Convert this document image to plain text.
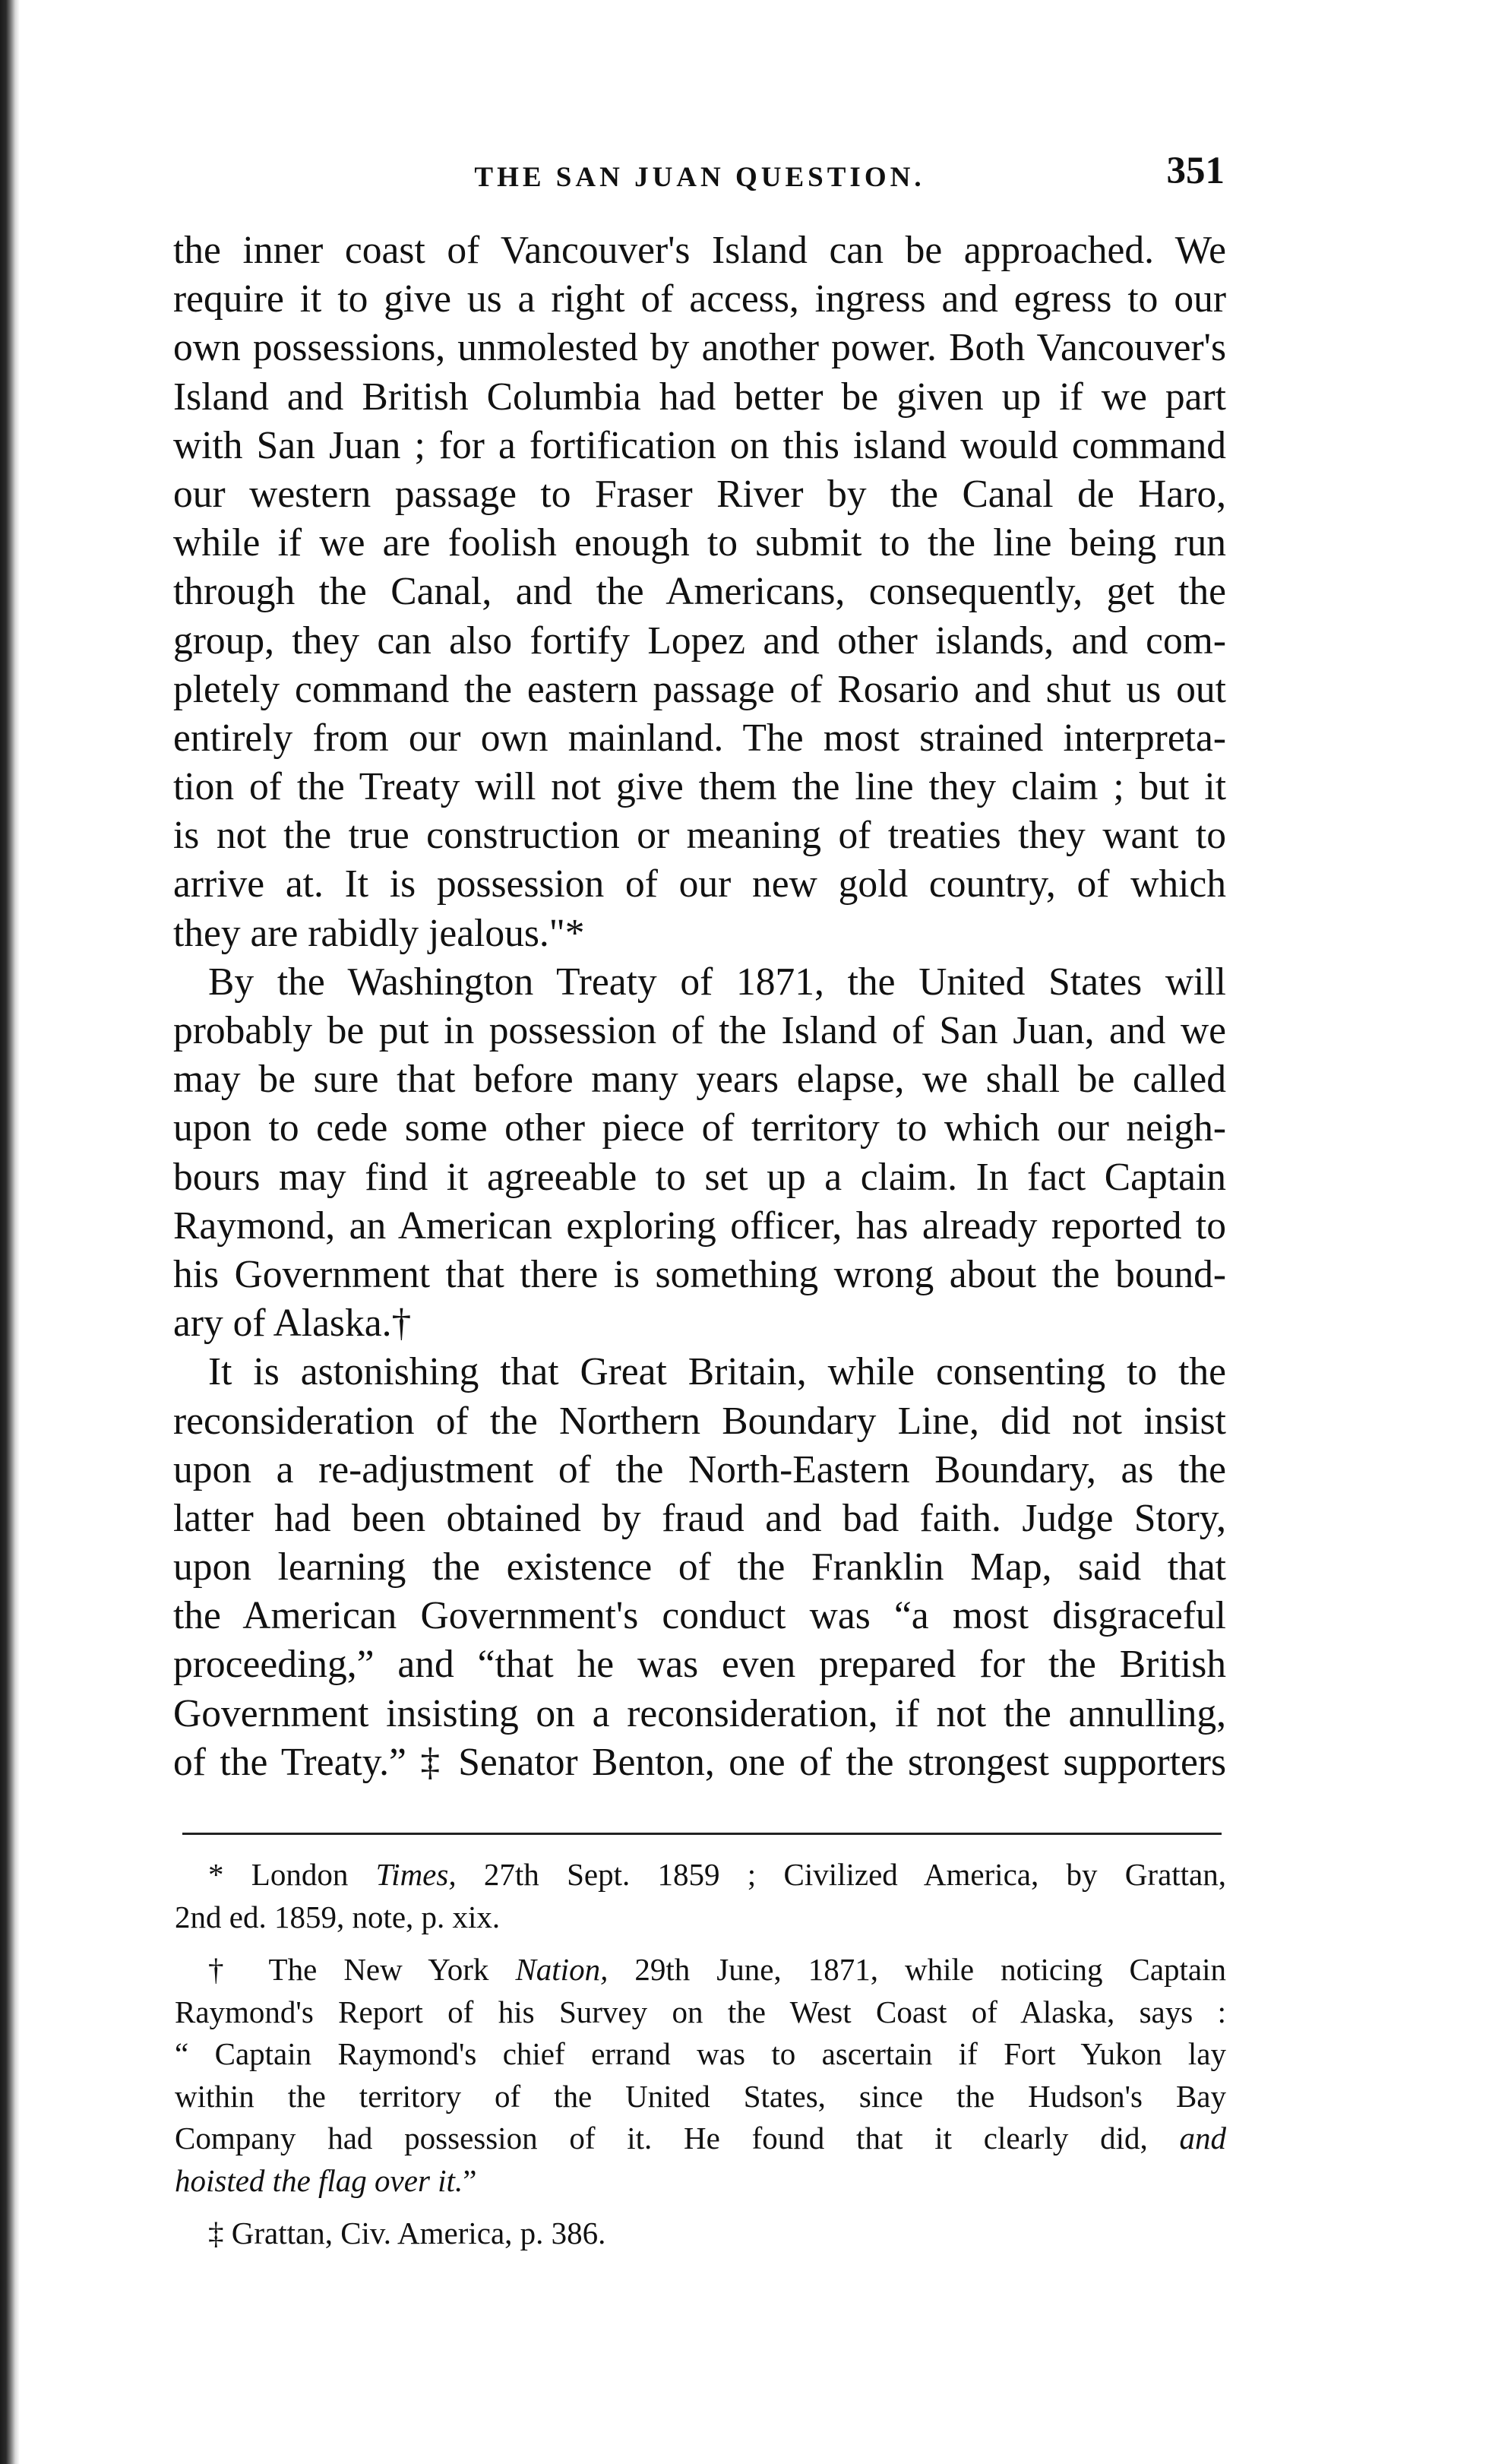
THE SAN JUAN QUESTION.	351
the inner coast of Vancouver's Island can be approached. We
require it to give us a right of access, ingress and egress to our
own possessions, unmolested by another power. Both Vancouver's
Island and British Columbia had better be given up if we part
with San Juan ; for a fortification on this island would command
our western passage to Fraser River by the Canal de Haro,
while if we are foolish enough to submit to the line being run
through the Canal, and the Americans, consequently, get the
group, they can also fortify Lopez and other islands, and com-
pletely command the eastern passage of Rosario and shut us out
entirely from our own mainland. The most strained interpreta-
tion of the Treaty will not give them the line they claim ; but it
is not the true construction or meaning of treaties they want to
arrive at. It is possession of our new gold country, of which
they are rabidly jealous."*
By the Washington Treaty of 1871, the United States will
probably be put in possession of the Island of San Juan, and we
may be sure that before many years elapse, we shall be called
upon to cede some other piece of territory to which our neigh-
bours may find it agreeable to set up a claim. In fact Captain
Raymond, an American exploring officer, has already reported to
his Government that there is something wrong about the bound-
ary of Alaska.†
It is astonishing that Great Britain, while consenting to the
reconsideration of the Northern Boundary Line, did not insist
upon a re-adjustment of the North-Eastern Boundary, as the
latter had been obtained by fraud and bad faith. Judge Story,
upon learning the existence of the Franklin Map, said that
the American Government's conduct was “a most disgraceful
proceeding,” and “that he was even prepared for the British
Government insisting on a reconsideration, if not the annulling,
of the Treaty.” ‡ Senator Benton, one of the strongest supporters
* London Times, 27th Sept. 1859 ; Civilized America, by Grattan,
2nd ed. 1859, note, p. xix.
† The New York Nation, 29th June, 1871, while noticing Captain
Raymond's Report of his Survey on the West Coast of Alaska, says :
“ Captain Raymond's chief errand was to ascertain if Fort Yukon lay
within the territory of the United States, since the Hudson's Bay
Company had possession of it. He found that it clearly did, and
hoisted the flag over it.”
‡ Grattan, Civ. America, p. 386.
